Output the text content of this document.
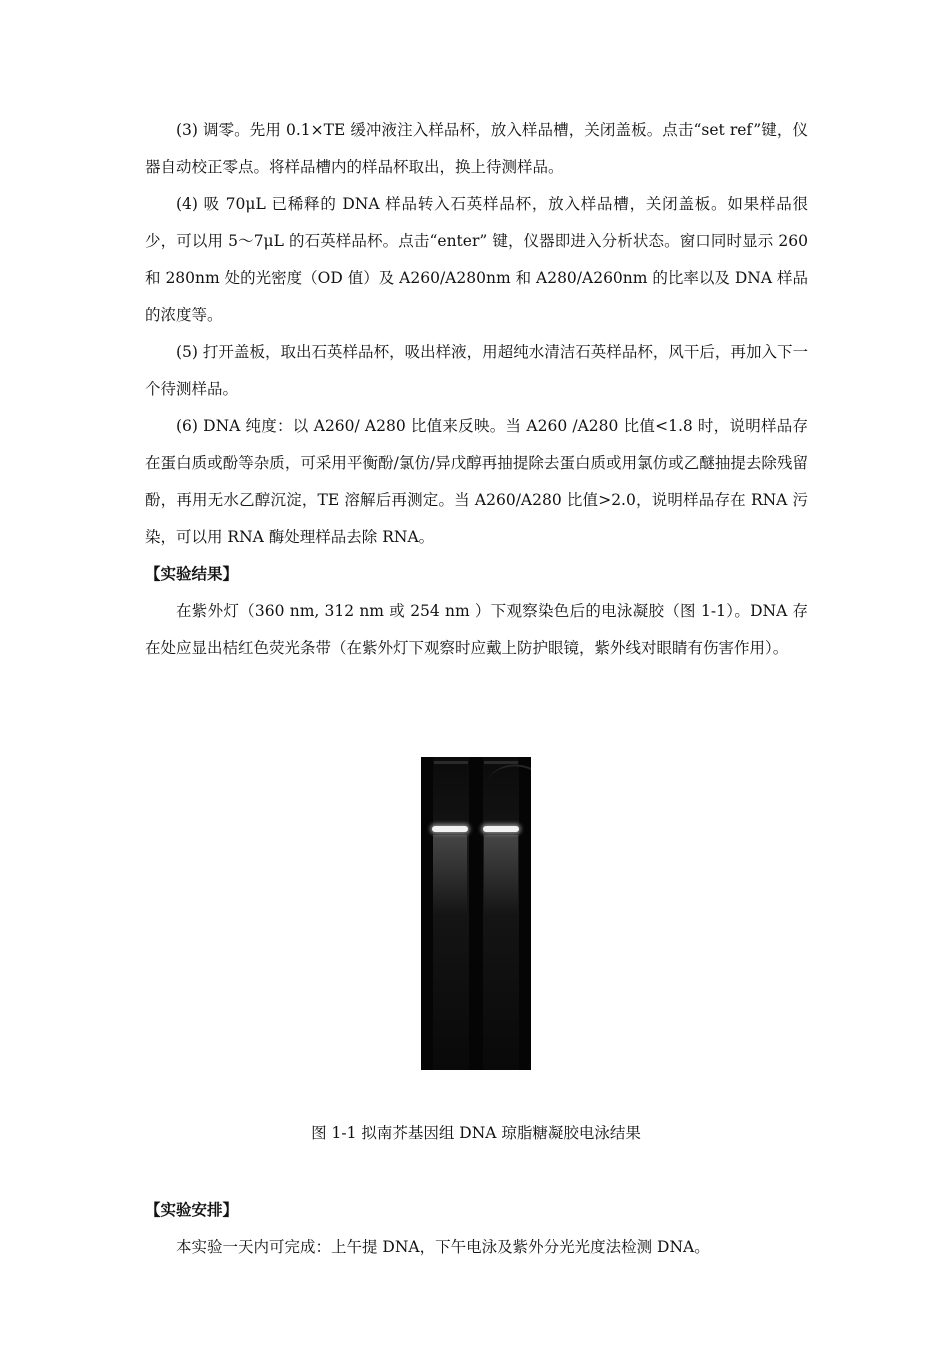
(3) 调零。先用 0.1×TE 缓冲液注入样品杯，放入样品槽，关闭盖板。点击“set ref”键，仪器自动校正零点。将样品槽内的样品杯取出，换上待测样品。

(4) 吸 70μL 已稀释的 DNA 样品转入石英样品杯，放入样品槽，关闭盖板。如果样品很少，可以用 5～7μL 的石英样品杯。点击“enter” 键，仪器即进入分析状态。窗口同时显示 260 和 280nm 处的光密度（OD 值）及 A260/A280nm 和 A280/A260nm 的比率以及 DNA 样品的浓度等。

(5) 打开盖板，取出石英样品杯，吸出样液，用超纯水清洁石英样品杯，风干后，再加入下一个待测样品。

(6) DNA 纯度：以 A260/ A280 比值来反映。当 A260 /A280 比值<1.8 时，说明样品存在蛋白质或酚等杂质，可采用平衡酚/氯仿/异戊醇再抽提除去蛋白质或用氯仿或乙醚抽提去除残留酚，再用无水乙醇沉淀，TE 溶解后再测定。当 A260/A280 比值>2.0，说明样品存在 RNA 污染，可以用 RNA 酶处理样品去除 RNA。

【实验结果】

在紫外灯（360 nm, 312 nm 或 254 nm ）下观察染色后的电泳凝胶（图 1-1）。DNA 存在处应显出桔红色荧光条带（在紫外灯下观察时应戴上防护眼镜，紫外线对眼睛有伤害作用）。

图 1-1 拟南芥基因组 DNA 琼脂糖凝胶电泳结果

【实验安排】

本实验一天内可完成：上午提 DNA，下午电泳及紫外分光光度法检测 DNA。
